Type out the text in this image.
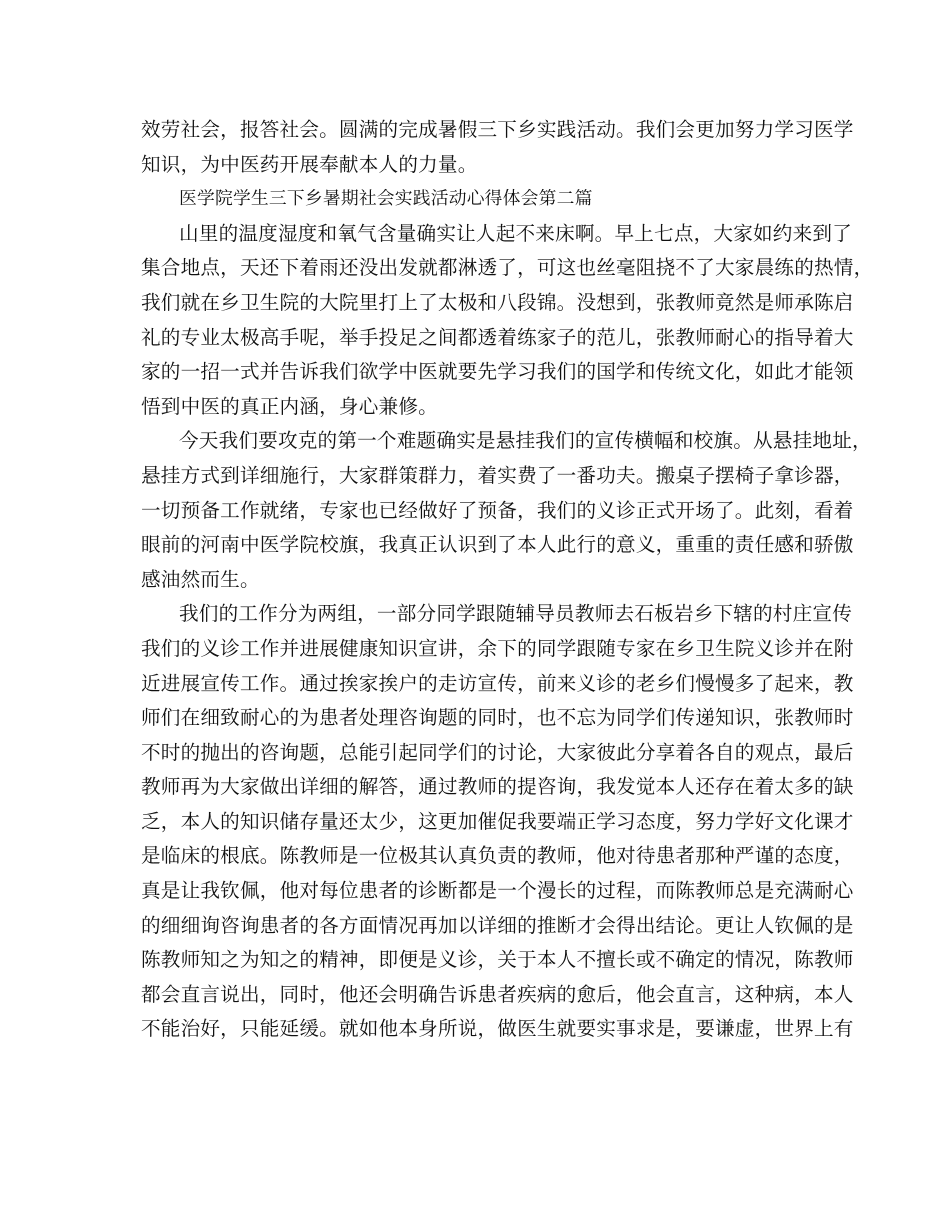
效劳社会，报答社会。圆满的完成暑假三下乡实践活动。我们会更加努力学习医学
知识，为中医药开展奉献本人的力量。
医学院学生三下乡暑期社会实践活动心得体会第二篇
山里的温度湿度和氧气含量确实让人起不来床啊。早上七点，大家如约来到了
集合地点，天还下着雨还没出发就都淋透了，可这也丝毫阻挠不了大家晨练的热情，
我们就在乡卫生院的大院里打上了太极和八段锦。没想到，张教师竟然是师承陈启
礼的专业太极高手呢，举手投足之间都透着练家子的范儿，张教师耐心的指导着大
家的一招一式并告诉我们欲学中医就要先学习我们的国学和传统文化，如此才能领
悟到中医的真正内涵，身心兼修。
今天我们要攻克的第一个难题确实是悬挂我们的宣传横幅和校旗。从悬挂地址，
悬挂方式到详细施行，大家群策群力，着实费了一番功夫。搬桌子摆椅子拿诊器，
一切预备工作就绪，专家也已经做好了预备，我们的义诊正式开场了。此刻，看着
眼前的河南中医学院校旗，我真正认识到了本人此行的意义，重重的责任感和骄傲
感油然而生。
我们的工作分为两组，一部分同学跟随辅导员教师去石板岩乡下辖的村庄宣传
我们的义诊工作并进展健康知识宣讲，余下的同学跟随专家在乡卫生院义诊并在附
近进展宣传工作。通过挨家挨户的走访宣传，前来义诊的老乡们慢慢多了起来，教
师们在细致耐心的为患者处理咨询题的同时，也不忘为同学们传递知识，张教师时
不时的抛出的咨询题，总能引起同学们的讨论，大家彼此分享着各自的观点，最后
教师再为大家做出详细的解答，通过教师的提咨询，我发觉本人还存在着太多的缺
乏，本人的知识储存量还太少，这更加催促我要端正学习态度，努力学好文化课才
是临床的根底。陈教师是一位极其认真负责的教师，他对待患者那种严谨的态度，
真是让我钦佩，他对每位患者的诊断都是一个漫长的过程，而陈教师总是充满耐心
的细细询咨询患者的各方面情况再加以详细的推断才会得出结论。更让人钦佩的是
陈教师知之为知之的精神，即便是义诊，关于本人不擅长或不确定的情况，陈教师
都会直言说出，同时，他还会明确告诉患者疾病的愈后，他会直言，这种病，本人
不能治好，只能延缓。就如他本身所说，做医生就要实事求是，要谦虚，世界上有
